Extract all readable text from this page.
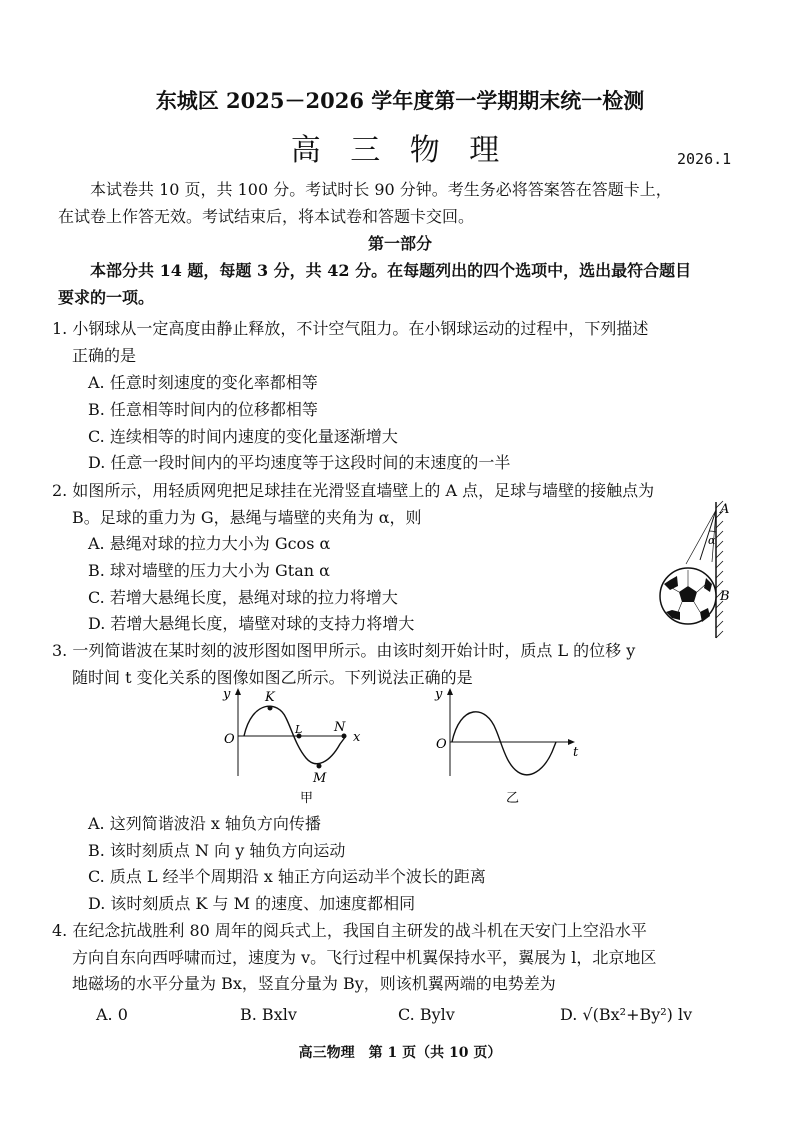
东城区 2025－2026 学年度第一学期期末统一检测
高 三 物 理	2026.1
本试卷共 10 页，共 100 分。考试时长 90 分钟。考生务必将答案答在答题卡上，
在试卷上作答无效。考试结束后，将本试卷和答题卡交回。
第一部分
本部分共 14 题，每题 3 分，共 42 分。在每题列出的四个选项中，选出最符合题目
要求的一项。
1. 小钢球从一定高度由静止释放，不计空气阻力。在小钢球运动的过程中，下列描述
正确的是
A. 任意时刻速度的变化率都相等
B. 任意相等时间内的位移都相等
C. 连续相等的时间内速度的变化量逐渐增大
D. 任意一段时间内的平均速度等于这段时间的末速度的一半
2. 如图所示，用轻质网兜把足球挂在光滑竖直墙壁上的 A 点，足球与墙壁的接触点为
B。足球的重力为 G，悬绳与墙壁的夹角为 α，则
A. 悬绳对球的拉力大小为 Gcos α
B. 球对墙壁的压力大小为 Gtan α
C. 若增大悬绳长度，悬绳对球的拉力将增大
D. 若增大悬绳长度，墙壁对球的支持力将增大
A
B
α
3. 一列简谐波在某时刻的波形图如图甲所示。由该时刻开始计时，质点 L 的位移 y
随时间 t 变化关系的图像如图乙所示。下列说法正确的是
y
O
K
L
M
N
x
甲
y
O
t
乙
A. 这列简谐波沿 x 轴负方向传播
B. 该时刻质点 N 向 y 轴负方向运动
C. 质点 L 经半个周期沿 x 轴正方向运动半个波长的距离
D. 该时刻质点 K 与 M 的速度、加速度都相同
4. 在纪念抗战胜利 80 周年的阅兵式上，我国自主研发的战斗机在天安门上空沿水平
方向自东向西呼啸而过，速度为 v。飞行过程中机翼保持水平，翼展为 l，北京地区
地磁场的水平分量为 Bx，竖直分量为 By，则该机翼两端的电势差为
A. 0	B. Bxlv	C. Bylv	D. √(Bx²+By²) lv
高三物理　第 1 页（共 10 页）
